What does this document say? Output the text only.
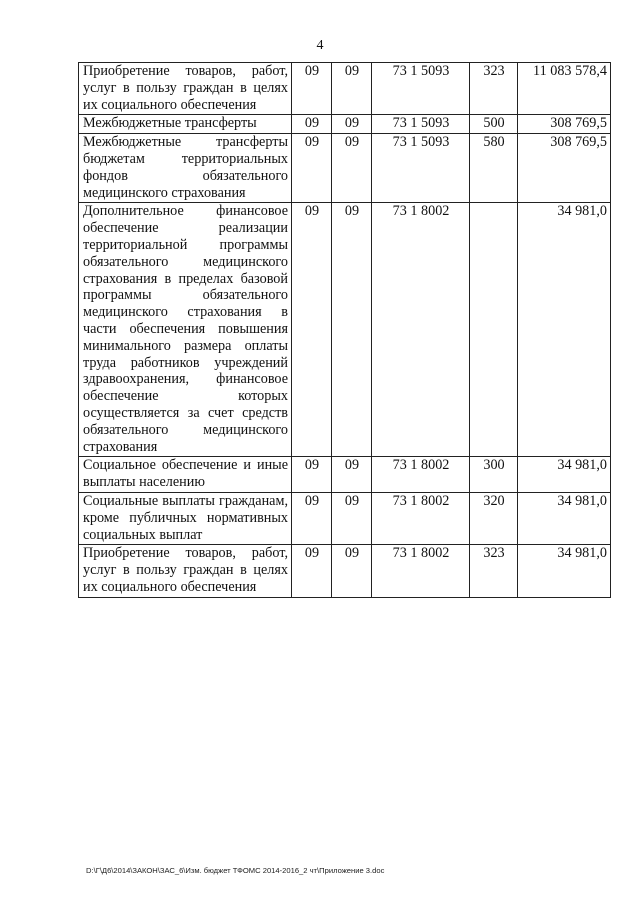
4
Приобретение товаров, работ, услуг в пользу граждан в целях их социального обеспечения	09	09	73 1 5093	323	11 083 578,4
Межбюджетные трансферты	09	09	73 1 5093	500	308 769,5
Межбюджетные трансферты бюджетам территориальных фондов обязательного медицинского страхования	09	09	73 1 5093	580	308 769,5
Дополнительное финансовое обеспечение реализации территориальной программы обязательного медицинского страхования в пределах базовой программы обязательного медицинского страхования в части обеспечения повышения минимального размера оплаты труда работников учреждений здравоохранения, финансовое обеспечение которых осуществляется за счет средств обязательного медицинского страхования	09	09	73 1 8002		34 981,0
Социальное обеспечение и иные выплаты населению	09	09	73 1 8002	300	34 981,0
Социальные выплаты гражданам, кроме публичных нормативных социальных выплат	09	09	73 1 8002	320	34 981,0
Приобретение товаров, работ, услуг в пользу граждан в целях их социального обеспечения	09	09	73 1 8002	323	34 981,0
D:\Г\Д6\2014\ЗАКОН\ЗАС_6\Изм. бюджет ТФОМС 2014-2016_2 чт\Приложение 3.doc
